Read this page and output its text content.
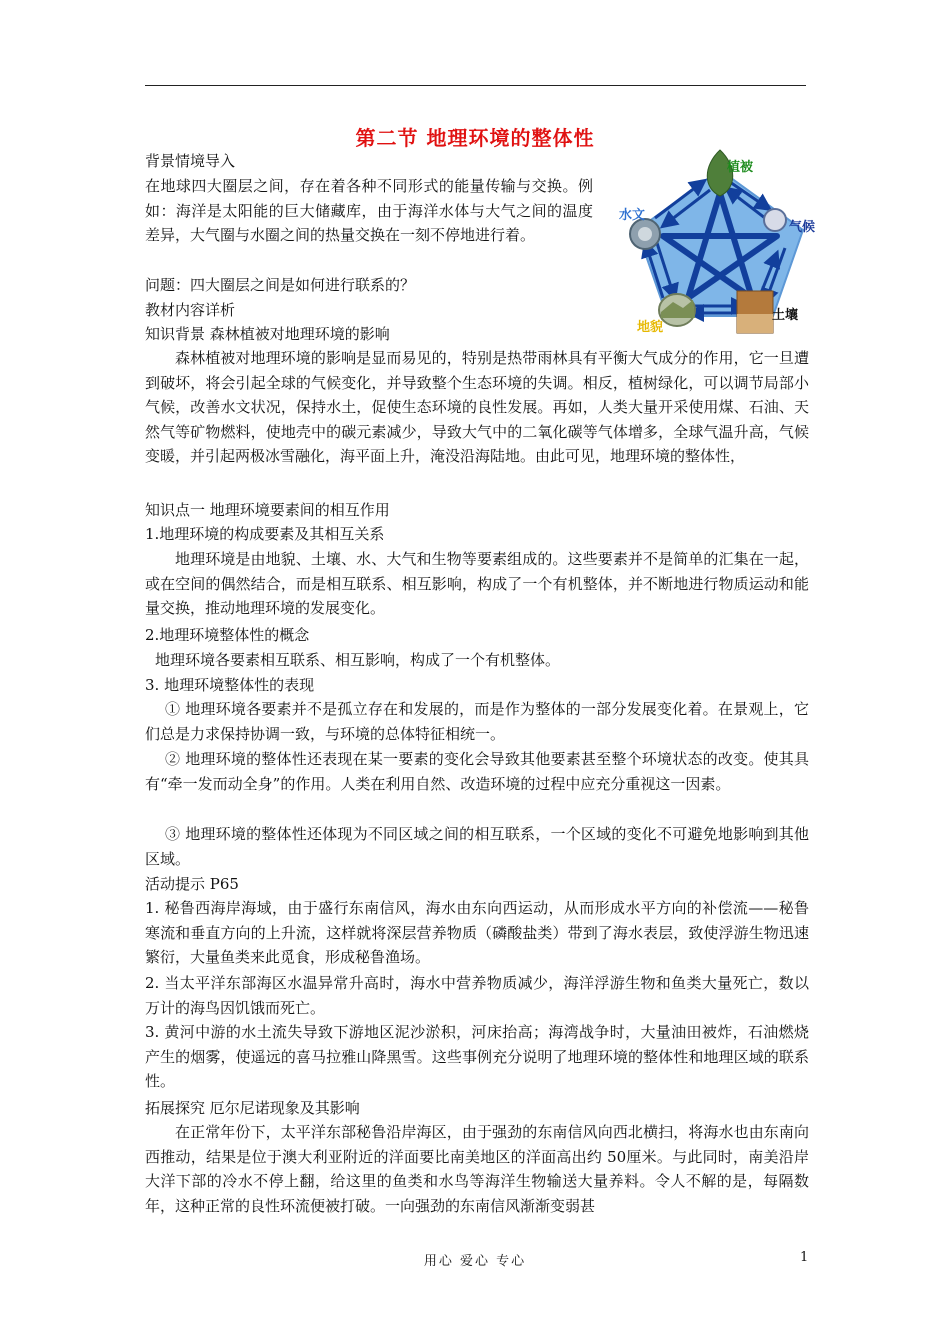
第二节 地理环境的整体性
植被
气候
水文
土壤
地貌
背景情境导入
在地球四大圈层之间，存在着各种不同形式的能量传输与交换。例如：海洋是太阳能的巨大储藏库，由于海洋水体与大气之间的温度差异，大气圈与水圈之间的热量交换在一刻不停地进行着。
问题：四大圈层之间是如何进行联系的？
教材内容详析
知识背景 森林植被对地理环境的影响
森林植被对地理环境的影响是显而易见的，特别是热带雨林具有平衡大气成分的作用，它一旦遭到破坏，将会引起全球的气候变化，并导致整个生态环境的失调。相反，植树绿化，可以调节局部小气候，改善水文状况，保持水土，促使生态环境的良性发展。再如，人类大量开采使用煤、石油、天然气等矿物燃料，使地壳中的碳元素减少，导致大气中的二氧化碳等气体增多，全球气温升高，气候变暖，并引起两极冰雪融化，海平面上升，淹没沿海陆地。由此可见，地理环境的整体性，
知识点一 地理环境要素间的相互作用
1.地理环境的构成要素及其相互关系
地理环境是由地貌、土壤、水、大气和生物等要素组成的。这些要素并不是简单的汇集在一起，或在空间的偶然结合，而是相互联系、相互影响，构成了一个有机整体，并不断地进行物质运动和能量交换，推动地理环境的发展变化。
2.地理环境整体性的概念
地理环境各要素相互联系、相互影响，构成了一个有机整体。
3. 地理环境整体性的表现
① 地理环境各要素并不是孤立存在和发展的，而是作为整体的一部分发展变化着。在景观上，它们总是力求保持协调一致，与环境的总体特征相统一。
② 地理环境的整体性还表现在某一要素的变化会导致其他要素甚至整个环境状态的改变。使其具有“牵一发而动全身”的作用。人类在利用自然、改造环境的过程中应充分重视这一因素。
③ 地理环境的整体性还体现为不同区域之间的相互联系，一个区域的变化不可避免地影响到其他区域。
活动提示 P65
1. 秘鲁西海岸海域，由于盛行东南信风，海水由东向西运动，从而形成水平方向的补偿流——秘鲁寒流和垂直方向的上升流，这样就将深层营养物质（磷酸盐类）带到了海水表层，致使浮游生物迅速繁衍，大量鱼类来此觅食，形成秘鲁渔场。
2. 当太平洋东部海区水温异常升高时，海水中营养物质减少，海洋浮游生物和鱼类大量死亡，数以万计的海鸟因饥饿而死亡。
3. 黄河中游的水土流失导致下游地区泥沙淤积，河床抬高；海湾战争时，大量油田被炸，石油燃烧产生的烟雾，使遥远的喜马拉雅山降黑雪。这些事例充分说明了地理环境的整体性和地理区域的联系性。
拓展探究 厄尔尼诺现象及其影响
在正常年份下，太平洋东部秘鲁沿岸海区，由于强劲的东南信风向西北横扫，将海水也由东南向西推动，结果是位于澳大利亚附近的洋面要比南美地区的洋面高出约 50厘米。与此同时，南美沿岸大洋下部的冷水不停上翻，给这里的鱼类和水鸟等海洋生物输送大量养料。令人不解的是，每隔数年，这种正常的良性环流便被打破。一向强劲的东南信风渐渐变弱甚
用心 爱心 专心	1
